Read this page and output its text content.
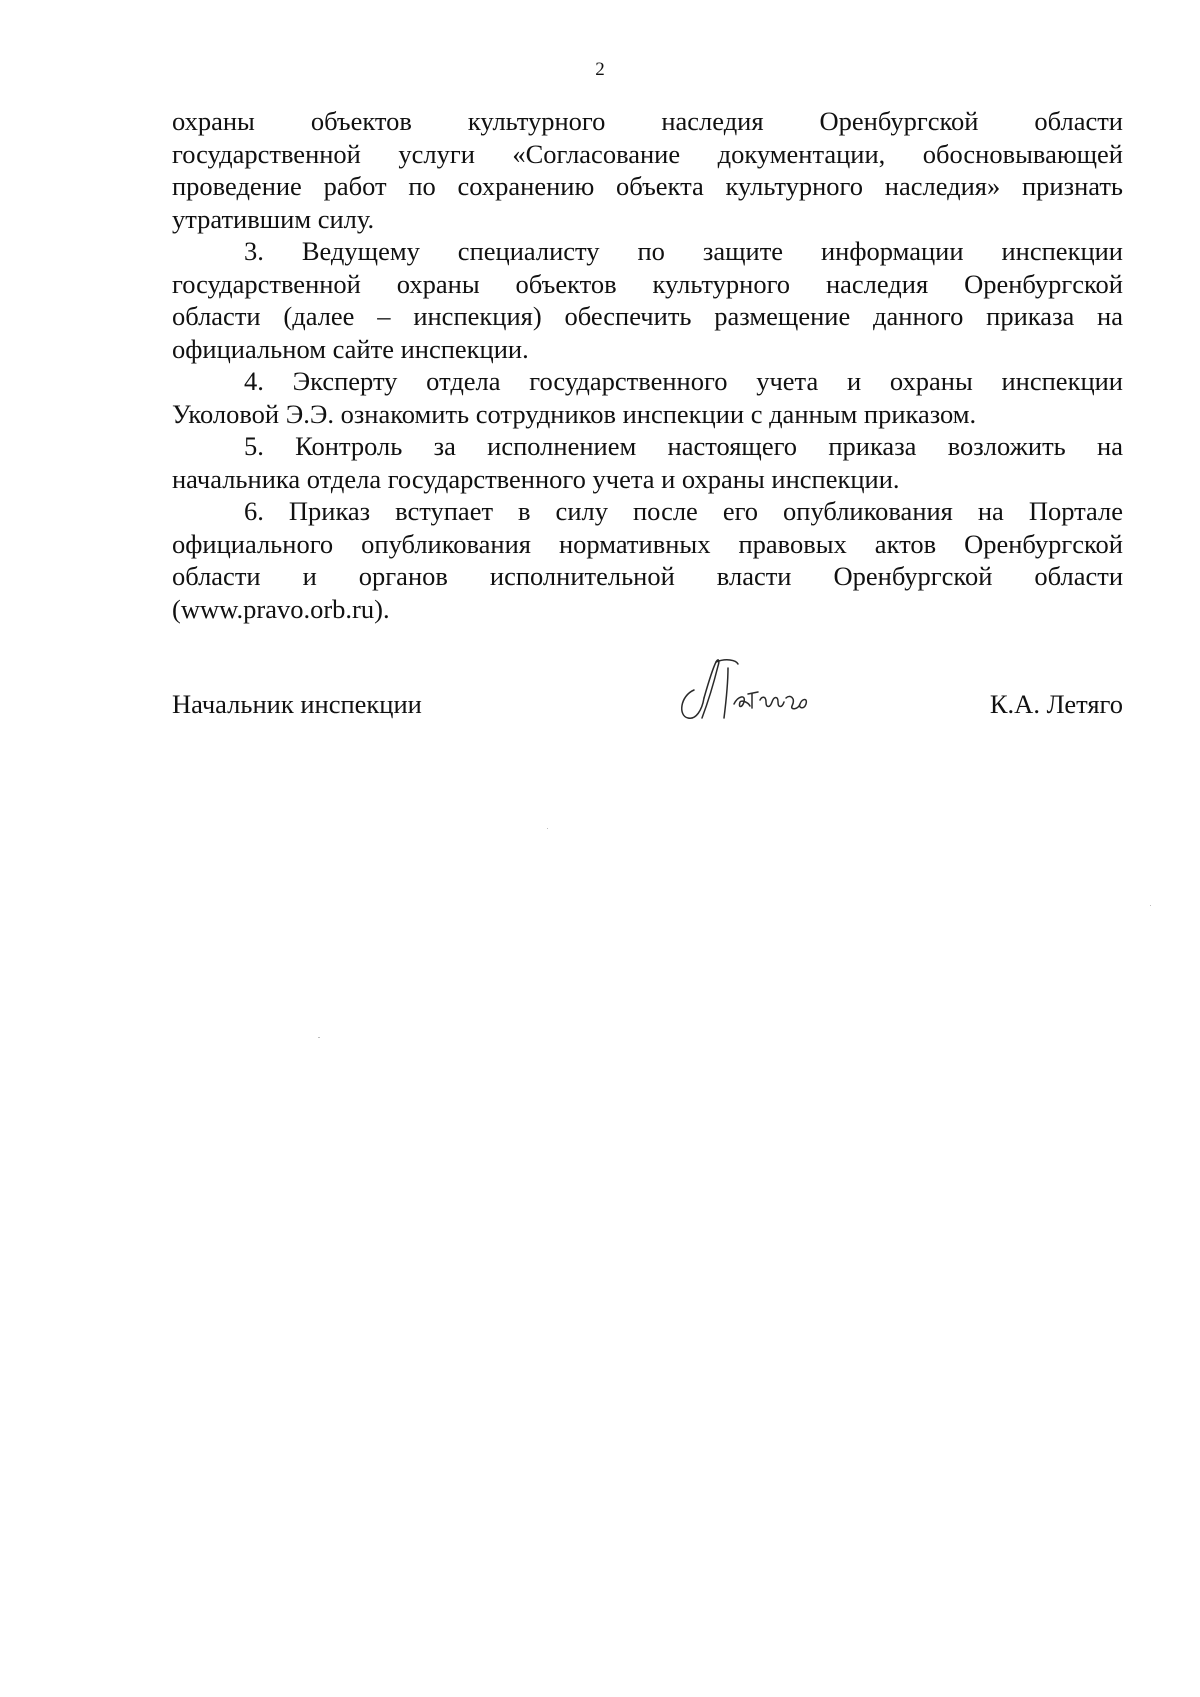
2
охраны объектов культурного наследия Оренбургской области
государственной услуги «Согласование документации, обосновывающей
проведение работ по сохранению объекта культурного наследия» признать
утратившим силу.
3. Ведущему специалисту по защите информации инспекции
государственной охраны объектов культурного наследия Оренбургской
области (далее – инспекция) обеспечить размещение данного приказа на
официальном сайте инспекции.
4. Эксперту отдела государственного учета и охраны инспекции
Уколовой Э.Э. ознакомить сотрудников инспекции с данным приказом.
5. Контроль за исполнением настоящего приказа возложить на
начальника отдела государственного учета и охраны инспекции.
6. Приказ вступает в силу после его опубликования на Портале
официального опубликования нормативных правовых актов Оренбургской
области и органов исполнительной власти Оренбургской области
(www.pravo.orb.ru).
Начальник инспекции	К.А. Летяго
